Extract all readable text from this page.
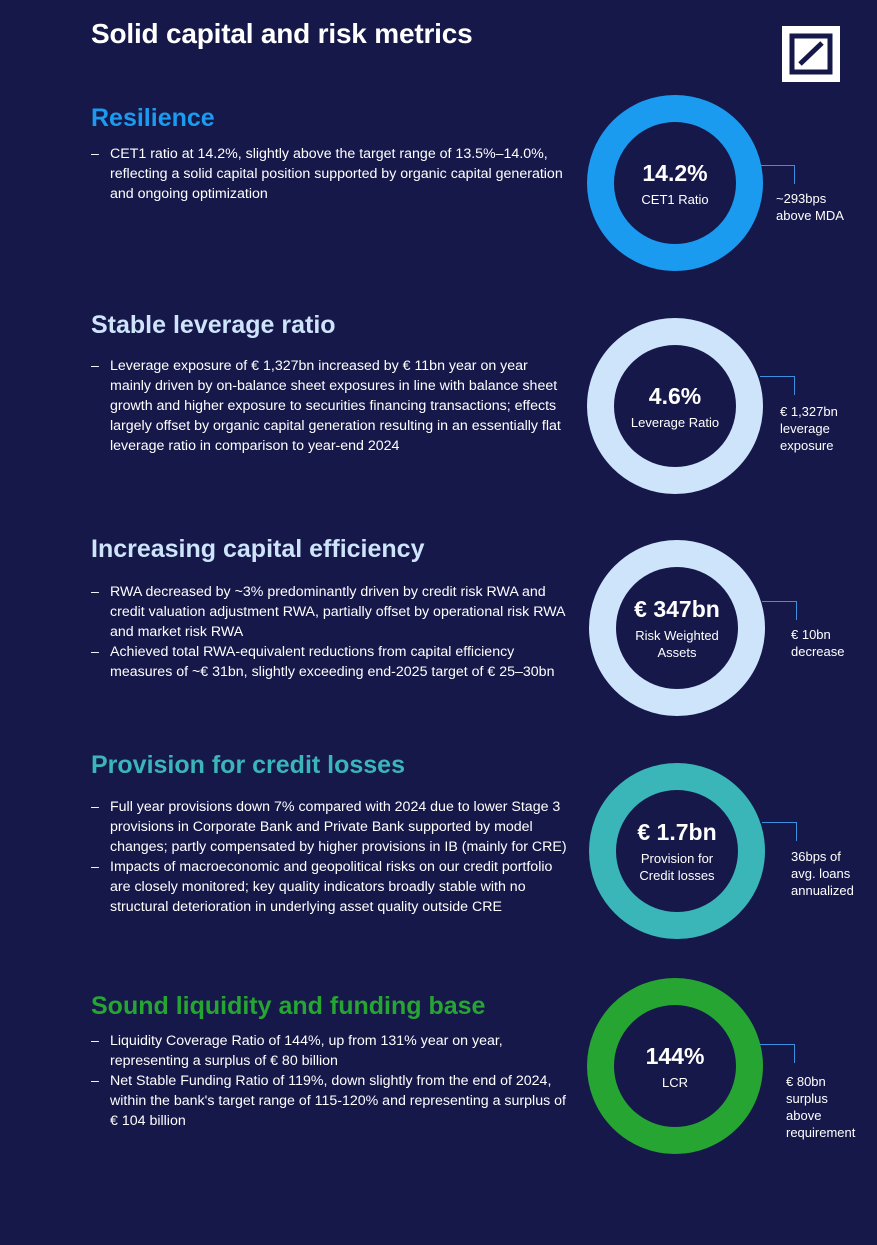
Solid capital and risk metrics
Resilience
– CET1 ratio at 14.2%, slightly above the target range of 13.5%–14.0%, reflecting a solid capital position supported by organic capital generation and ongoing optimization
14.2%
CET1 Ratio	~293bps
above MDA
Stable leverage ratio
– Leverage exposure of € 1,327bn increased by € 11bn year on year mainly driven by on-balance sheet exposures in line with balance sheet growth and higher exposure to securities financing transactions; effects largely offset by organic capital generation resulting in an essentially flat leverage ratio in comparison to year-end 2024
4.6%
Leverage Ratio
€ 1,327bn
leverage
exposure
Increasing capital efficiency
– RWA decreased by ~3% predominantly driven by credit risk RWA and credit valuation adjustment RWA, partially offset by operational risk RWA and market risk RWA
– Achieved total RWA-equivalent reductions from capital efficiency measures of ~€ 31bn, slightly exceeding end-2025 target of € 25–30bn
€ 347bn
Risk Weighted Assets
€ 10bn
decrease
Provision for credit losses
– Full year provisions down 7% compared with 2024 due to lower Stage 3 provisions in Corporate Bank and Private Bank supported by model changes; partly compensated by higher provisions in IB (mainly for CRE)
– Impacts of macroeconomic and geopolitical risks on our credit portfolio are closely monitored; key quality indicators broadly stable with no structural deterioration in underlying asset quality outside CRE
€ 1.7bn
Provision for Credit losses
36bps of
avg. loans
annualized
Sound liquidity and funding base
– Liquidity Coverage Ratio of 144%, up from 131% year on year, representing a surplus of € 80 billion
– Net Stable Funding Ratio of 119%, down slightly from the end of 2024, within the bank's target range of 115-120% and representing a surplus of € 104 billion
144%
LCR	€ 80bn
surplus
above
requirement
